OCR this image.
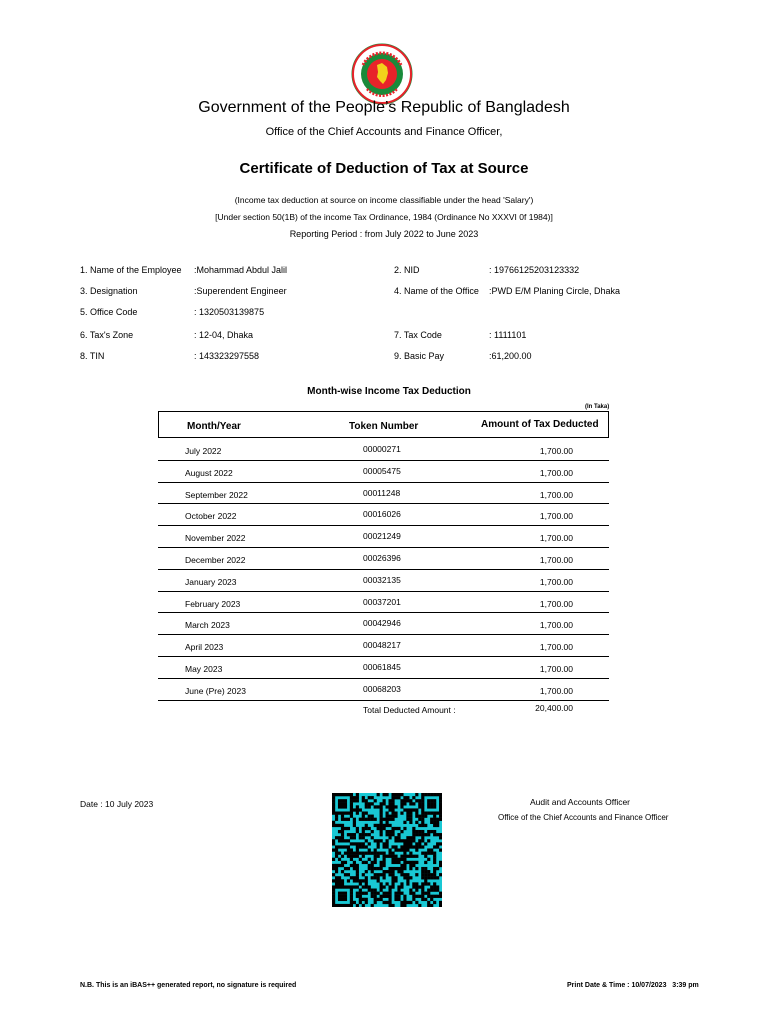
Government of the People’s Republic of Bangladesh
Office of the Chief Accounts and Finance Officer,
Certificate of Deduction of Tax at Source
(Income tax deduction at source on income classifiable under the head 'Salary')
[Under section 50(1B) of the income Tax Ordinance, 1984 (Ordinance No XXXVI 0f 1984)]
Reporting Period : from July 2022 to June 2023
1. Name of the Employee :Mohammad Abdul Jalil	2. NID	: 19766125203123332
3. Designation	:Superendent Engineer	4. Name of the Office :PWD E/M Planing Circle, Dhaka
5. Office Code	: 1320503139875
6. Tax's Zone	: 12-04, Dhaka	7. Tax Code	: 1111101
8. TIN	: 143323297558	9. Basic Pay	:61,200.00
Month-wise Income Tax Deduction
(In Taka)
Month/Year	Token Number	Amount of Tax Deducted
July 2022	00000271	1,700.00
August 2022	00005475	1,700.00
September 2022	00011248	1,700.00
October 2022	00016026	1,700.00
November 2022	00021249	1,700.00
December 2022	00026396	1,700.00
January 2023	00032135	1,700.00
February 2023	00037201	1,700.00
March 2023	00042946	1,700.00
April 2023	00048217	1,700.00
May 2023	00061845	1,700.00
June (Pre) 2023	00068203	1,700.00
Total Deducted Amount :	20,400.00
Date : 10 July 2023	Audit and Accounts Officer
Office of the Chief Accounts and Finance Officer
N.B. This is an iBAS++ generated report, no signature is required	Print Date & Time : 10/07/2023   3:39 pm
